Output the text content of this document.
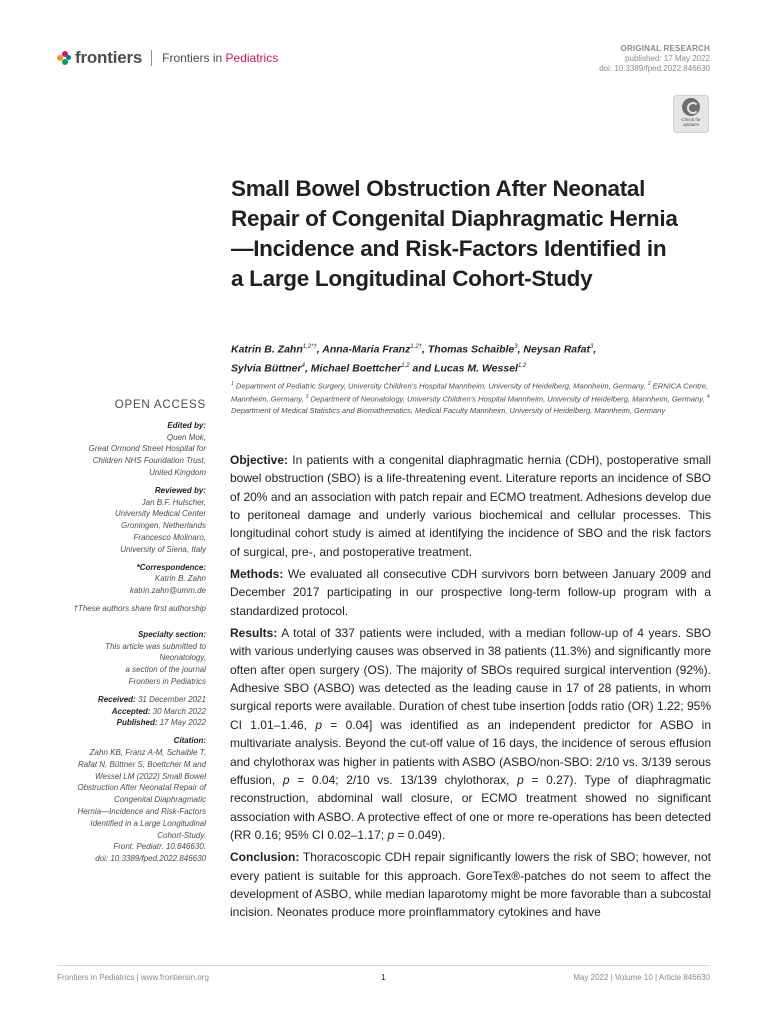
frontiers Frontiers in Pediatrics
ORIGINAL RESEARCH
published: 17 May 2022
doi: 10.3389/fped.2022.846630
Check for
updates
Small Bowel Obstruction After Neonatal Repair of Congenital Diaphragmatic Hernia—Incidence and Risk-Factors Identified in a Large Longitudinal Cohort-Study
Katrin B. Zahn$^{1,2*\dagger}$, Anna-Maria Franz$^{1,2\dagger}$, Thomas Schaible$^3$, Neysan Rafat$^3$,
Sylvia Büttner$^4$, Michael Boettcher$^{1,2}$ and Lucas M. Wessel$^{1,2}$
$^1$ Department of Pediatric Surgery, University Children's Hospital Mannheim, University of Heidelberg, Mannheim, Germany, $^2$ ERNICA Centre, Mannheim, Germany, $^3$ Department of Neonatology, University Children's Hospital Mannheim, University of Heidelberg, Mannheim, Germany, $^4$ Department of Medical Statistics and Biomathematics, Medical Faculty Mannheim, University of Heidelberg, Mannheim, Germany
OPEN ACCESS
Edited by:
Quen Mok,
Great Ormond Street Hospital for
Children NHS Foundation Trust,
United Kingdom
Reviewed by:
Jan B.F. Hulscher,
University Medical Center
Groningen, Netherlands
Francesco Molinaro,
University of Siena, Italy
*Correspondence:
Katrin B. Zahn
katrin.zahn@umm.de
†These authors share first authorship
Specialty section:
This article was submitted to
Neonatology,
a section of the journal
Frontiers in Pediatrics
Received: 31 December 2021
Accepted: 30 March 2022
Published: 17 May 2022
Citation:
Zahn KB, Franz A-M, Schaible T,
Rafat N, Büttner S, Boettcher M and
Wessel LM (2022) Small Bowel
Obstruction After Neonatal Repair of
Congenital Diaphragmatic
Hernia—Incidence and Risk-Factors
Identified in a Large Longitudinal
Cohort-Study.
Front. Pediatr. 10:846630.
doi: 10.3389/fped.2022.846630

Objective: In patients with a congenital diaphragmatic hernia (CDH), postoperative small bowel obstruction (SBO) is a life-threatening event. Literature reports an incidence of SBO of 20% and an association with patch repair and ECMO treatment. Adhesions develop due to peritoneal damage and underly various biochemical and cellular processes. This longitudinal cohort study is aimed at identifying the incidence of SBO and the risk factors of surgical, pre-, and postoperative treatment.

Methods: We evaluated all consecutive CDH survivors born between January 2009 and December 2017 participating in our prospective long-term follow-up program with a standardized protocol.

Results: A total of 337 patients were included, with a median follow-up of 4 years. SBO with various underlying causes was observed in 38 patients (11.3%) and significantly more often after open surgery (OS). The majority of SBOs required surgical intervention (92%). Adhesive SBO (ASBO) was detected as the leading cause in 17 of 28 patients, in whom surgical reports were available. Duration of chest tube insertion [odds ratio (OR) 1.22; 95% CI 1.01–1.46, p = 0.04] was identified as an independent predictor for ASBO in multivariate analysis. Beyond the cut-off value of 16 days, the incidence of serous effusion and chylothorax was higher in patients with ASBO (ASBO/non-SBO: 2/10 vs. 3/139 serous effusion, p = 0.04; 2/10 vs. 13/139 chylothorax, p = 0.27). Type of diaphragmatic reconstruction, abdominal wall closure, or ECMO treatment showed no significant association with ASBO. A protective effect of one or more re-operations has been detected (RR 0.16; 95% CI 0.02–1.17; p = 0.049).

Conclusion: Thoracoscopic CDH repair significantly lowers the risk of SBO; however, not every patient is suitable for this approach. GoreTex®-patches do not seem to affect the development of ASBO, while median laparotomy might be more favorable than a subcostal incision. Neonates produce more proinflammatory cytokines and have

Frontiers in Pediatrics | www.frontiersin.org	1	May 2022 | Volume 10 | Article 846630
